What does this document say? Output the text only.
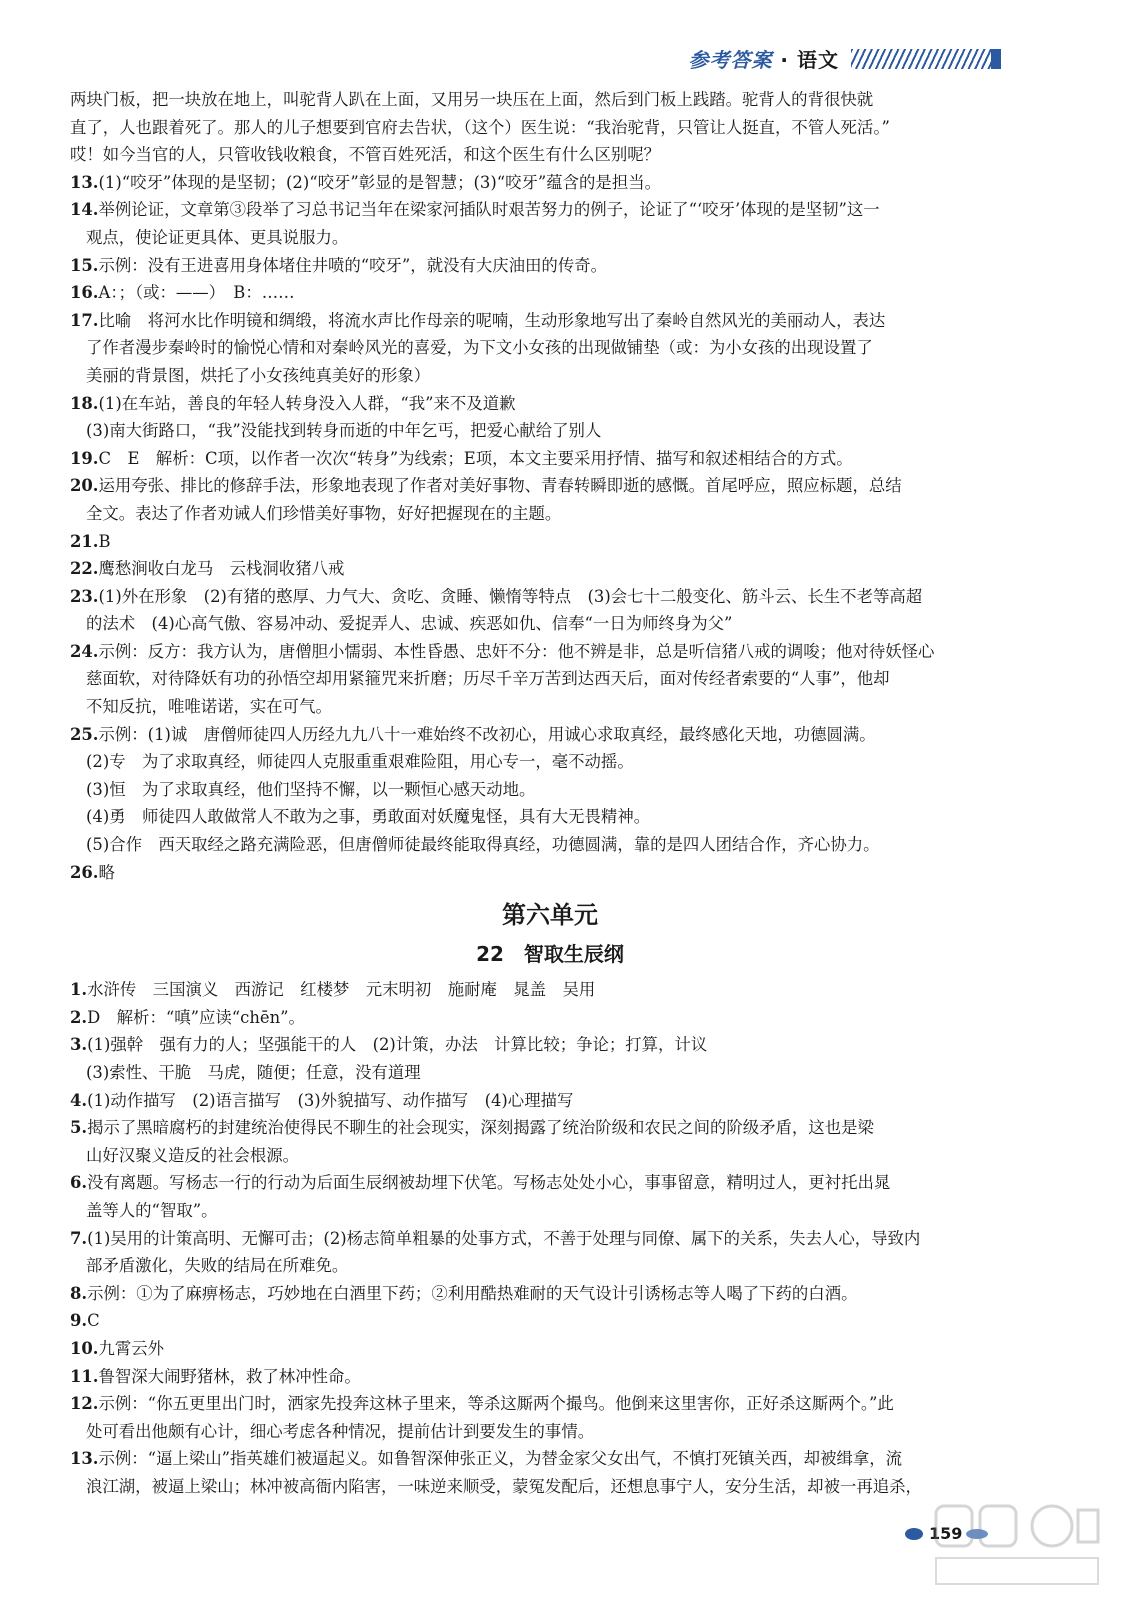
参考答案 · 语文

两块门板，把一块放在地上，叫驼背人趴在上面，又用另一块压在上面，然后到门板上践踏。驼背人的背很快就

直了，人也跟着死了。那人的儿子想要到官府去告状，（这个）医生说：“我治驼背，只管让人挺直，不管人死活。”

哎！如今当官的人，只管收钱收粮食，不管百姓死活，和这个医生有什么区别呢？

13.(1)“咬牙”体现的是坚韧；(2)“咬牙”彰显的是智慧；(3)“咬牙”蕴含的是担当。

14.举例论证，文章第③段举了习总书记当年在梁家河插队时艰苦努力的例子，论证了“‘咬牙’体现的是坚韧”这一

观点，使论证更具体、更具说服力。

15.示例：没有王进喜用身体堵住井喷的“咬牙”，就没有大庆油田的传奇。

16.A：；（或：——）　B：……

17.比喻　将河水比作明镜和绸缎，将流水声比作母亲的呢喃，生动形象地写出了秦岭自然风光的美丽动人，表达

了作者漫步秦岭时的愉悦心情和对秦岭风光的喜爱，为下文小女孩的出现做铺垫（或：为小女孩的出现设置了

美丽的背景图，烘托了小女孩纯真美好的形象）

18.(1)在车站，善良的年轻人转身没入人群，“我”来不及道歉

(3)南大街路口，“我”没能找到转身而逝的中年乞丐，把爱心献给了别人

19.C　E　解析：C项，以作者一次次“转身”为线索；E项，本文主要采用抒情、描写和叙述相结合的方式。

20.运用夸张、排比的修辞手法，形象地表现了作者对美好事物、青春转瞬即逝的感慨。首尾呼应，照应标题，总结

全文。表达了作者劝诫人们珍惜美好事物，好好把握现在的主题。

21.B

22.鹰愁涧收白龙马　云栈洞收猪八戒

23.(1)外在形象　(2)有猪的憨厚、力气大、贪吃、贪睡、懒惰等特点　(3)会七十二般变化、筋斗云、长生不老等高超

的法术　(4)心高气傲、容易冲动、爱捉弄人、忠诚、疾恶如仇、信奉“一日为师终身为父”

24.示例：反方：我方认为，唐僧胆小懦弱、本性昏愚、忠奸不分：他不辨是非，总是听信猪八戒的调唆；他对待妖怪心

慈面软，对待降妖有功的孙悟空却用紧箍咒来折磨；历尽千辛万苦到达西天后，面对传经者索要的“人事”，他却

不知反抗，唯唯诺诺，实在可气。

25.示例：(1)诚　唐僧师徒四人历经九九八十一难始终不改初心，用诚心求取真经，最终感化天地，功德圆满。

(2)专　为了求取真经，师徒四人克服重重艰难险阻，用心专一，毫不动摇。

(3)恒　为了求取真经，他们坚持不懈，以一颗恒心感天动地。

(4)勇　师徒四人敢做常人不敢为之事，勇敢面对妖魔鬼怪，具有大无畏精神。

(5)合作　西天取经之路充满险恶，但唐僧师徒最终能取得真经，功德圆满，靠的是四人团结合作，齐心协力。

26.略

第六单元
22　智取生辰纲

1.水浒传　三国演义　西游记　红楼梦　元末明初　施耐庵　晁盖　吴用

2.D　解析：“嗔”应读“chēn”。

3.(1)强幹　强有力的人；坚强能干的人　(2)计策，办法　计算比较；争论；打算，计议

(3)索性、干脆　马虎，随便；任意，没有道理

4.(1)动作描写　(2)语言描写　(3)外貌描写、动作描写　(4)心理描写

5.揭示了黑暗腐朽的封建统治使得民不聊生的社会现实，深刻揭露了统治阶级和农民之间的阶级矛盾，这也是梁

山好汉聚义造反的社会根源。

6.没有离题。写杨志一行的行动为后面生辰纲被劫埋下伏笔。写杨志处处小心，事事留意，精明过人，更衬托出晁

盖等人的“智取”。

7.(1)吴用的计策高明、无懈可击；(2)杨志简单粗暴的处事方式，不善于处理与同僚、属下的关系，失去人心，导致内

部矛盾激化，失败的结局在所难免。

8.示例：①为了麻痹杨志，巧妙地在白酒里下药；②利用酷热难耐的天气设计引诱杨志等人喝了下药的白酒。

9.C

10.九霄云外

11.鲁智深大闹野猪林，救了林冲性命。

12.示例：“你五更里出门时，洒家先投奔这林子里来，等杀这厮两个撮鸟。他倒来这里害你，正好杀这厮两个。”此

处可看出他颇有心计，细心考虑各种情况，提前估计到要发生的事情。

13.示例：“逼上梁山”指英雄们被逼起义。如鲁智深伸张正义，为替金家父女出气，不慎打死镇关西，却被缉拿，流

浪江湖，被逼上梁山；林冲被高衙内陷害，一味逆来顺受，蒙冤发配后，还想息事宁人，安分生活，却被一再追杀，

159
